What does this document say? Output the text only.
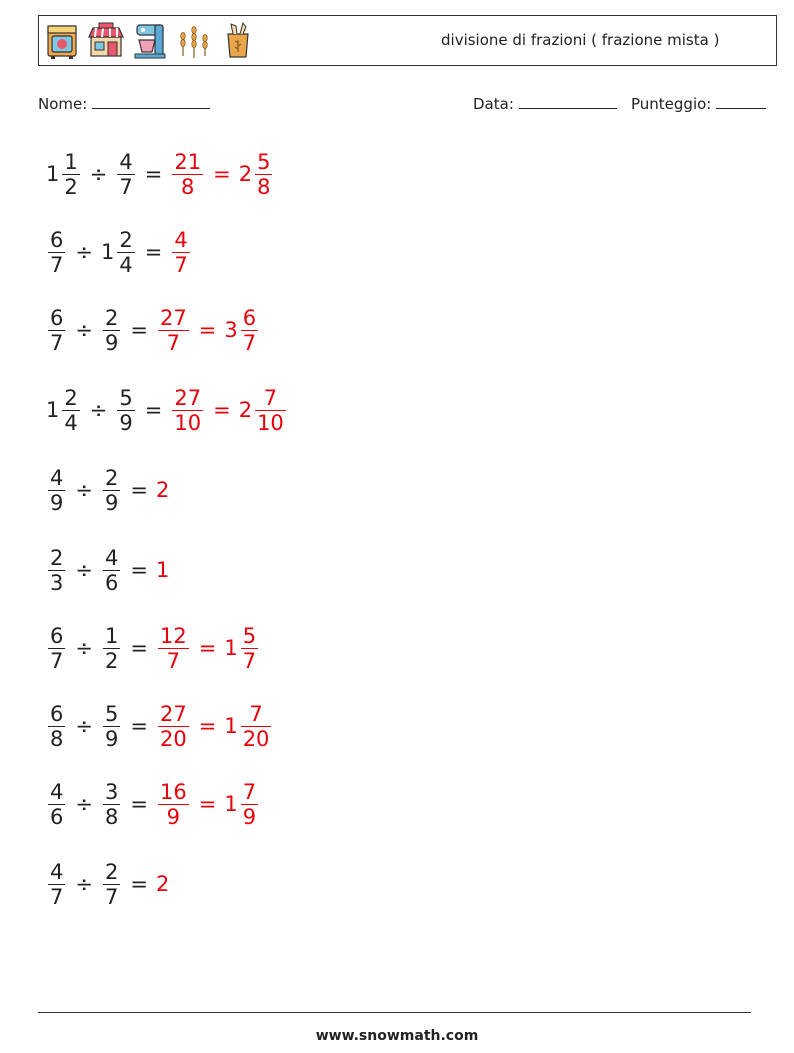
divisione di frazioni ( frazione mista )
Nome:	Data:	Punteggio:
$1 \frac{1}{2} \div \frac{4}{7} = \frac{21}{8} = 2 \frac{5}{8}$
$\frac{6}{7} \div 1 \frac{2}{4} = \frac{4}{7}$
$\frac{6}{7} \div \frac{2}{9} = \frac{27}{7} = 3 \frac{6}{7}$
$1 \frac{2}{4} \div \frac{5}{9} = \frac{27}{10} = 2 \frac{7}{10}$
$\frac{4}{9} \div \frac{2}{9} = 2$
$\frac{2}{3} \div \frac{4}{6} = 1$
$\frac{6}{7} \div \frac{1}{2} = \frac{12}{7} = 1 \frac{5}{7}$
$\frac{6}{8} \div \frac{5}{9} = \frac{27}{20} = 1 \frac{7}{20}$
$\frac{4}{6} \div \frac{3}{8} = \frac{16}{9} = 1 \frac{7}{9}$
$\frac{4}{7} \div \frac{2}{7} = 2$
www.snowmath.com
